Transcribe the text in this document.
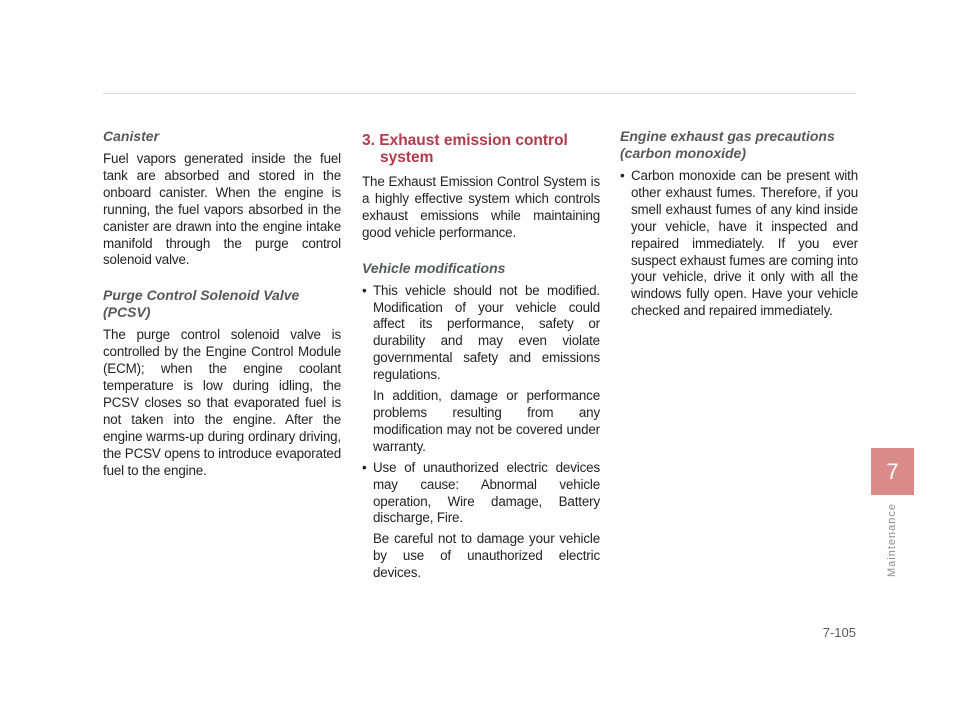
Canister

Fuel vapors generated inside the fuel tank are absorbed and stored in the onboard canister. When the engine is running, the fuel vapors absorbed in the canister are drawn into the engine intake manifold through the purge control solenoid valve.

Purge Control Solenoid Valve
(PCSV)

The purge control solenoid valve is controlled by the Engine Control Module (ECM); when the engine coolant temperature is low during idling, the PCSV closes so that evaporated fuel is not taken into the engine. After the engine warms-up during ordinary driving, the PCSV opens to introduce evaporated fuel to the engine.

3. Exhaust emission control system

The Exhaust Emission Control System is a highly effective system which controls exhaust emissions while maintaining good vehicle performance.

Vehicle modifications
• This vehicle should not be modified. Modification of your vehicle could affect its performance, safety or durability and may even violate governmental safety and emissions regulations.

In addition, damage or performance problems resulting from any modification may not be covered under warranty.

• Use of unauthorized electric devices may cause: Abnormal vehicle operation, Wire damage, Battery discharge, Fire.

Be careful not to damage your vehicle by use of unauthorized electric devices.

Engine exhaust gas precautions
(carbon monoxide)
• Carbon monoxide can be present with other exhaust fumes. Therefore, if you smell exhaust fumes of any kind inside your vehicle, have it inspected and repaired immediately. If you ever suspect exhaust fumes are coming into your vehicle, drive it only with all the windows fully open. Have your vehicle checked and repaired immediately.
7
Maintenance
7-105
